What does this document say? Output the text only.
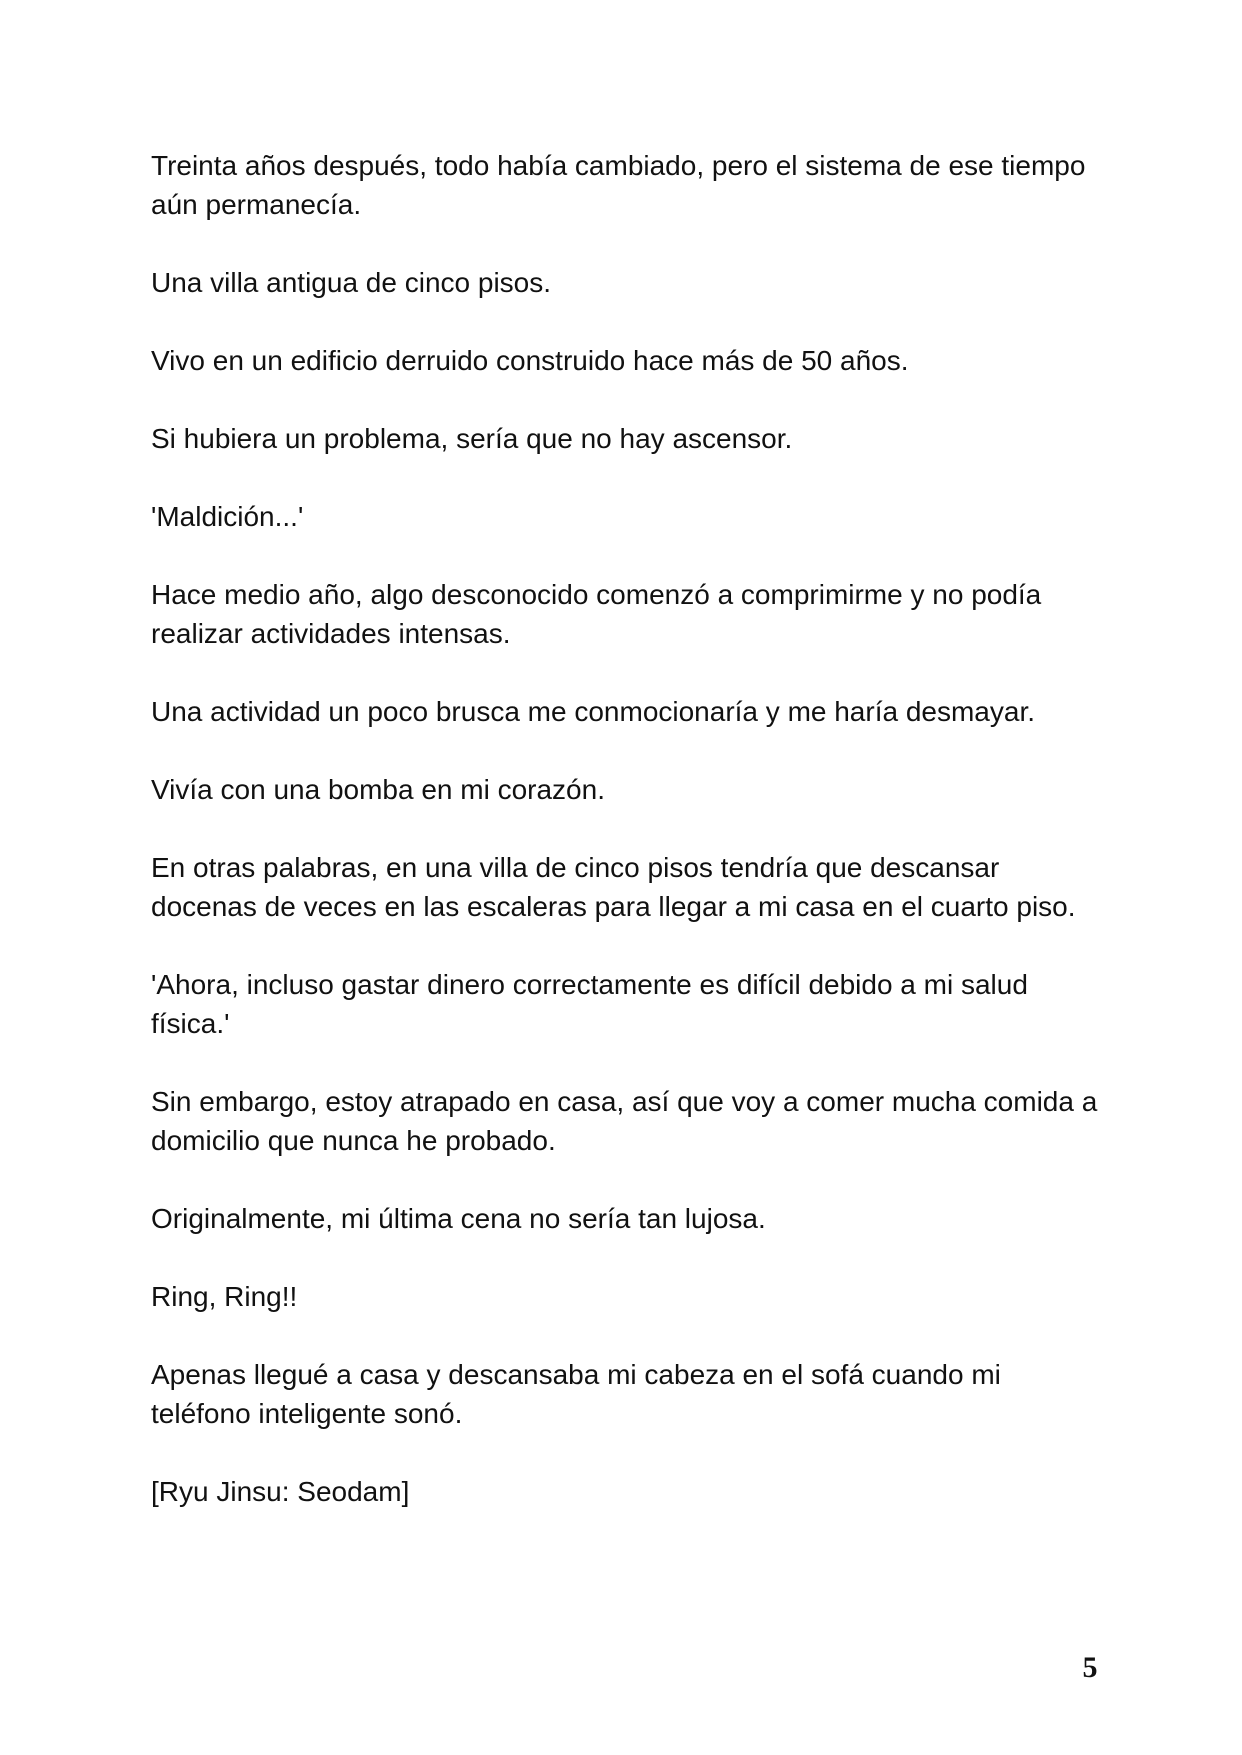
Treinta años después, todo había cambiado, pero el sistema de ese tiempo aún permanecía.

Una villa antigua de cinco pisos.

Vivo en un edificio derruido construido hace más de 50 años.

Si hubiera un problema, sería que no hay ascensor.

'Maldición...'

Hace medio año, algo desconocido comenzó a comprimirme y no podía realizar actividades intensas.

Una actividad un poco brusca me conmocionaría y me haría desmayar.

Vivía con una bomba en mi corazón.

En otras palabras, en una villa de cinco pisos tendría que descansar docenas de veces en las escaleras para llegar a mi casa en el cuarto piso.

'Ahora, incluso gastar dinero correctamente es difícil debido a mi salud física.'

Sin embargo, estoy atrapado en casa, así que voy a comer mucha comida a domicilio que nunca he probado.

Originalmente, mi última cena no sería tan lujosa.

Ring, Ring!!

Apenas llegué a casa y descansaba mi cabeza en el sofá cuando mi teléfono inteligente sonó.

[Ryu Jinsu: Seodam]

5
